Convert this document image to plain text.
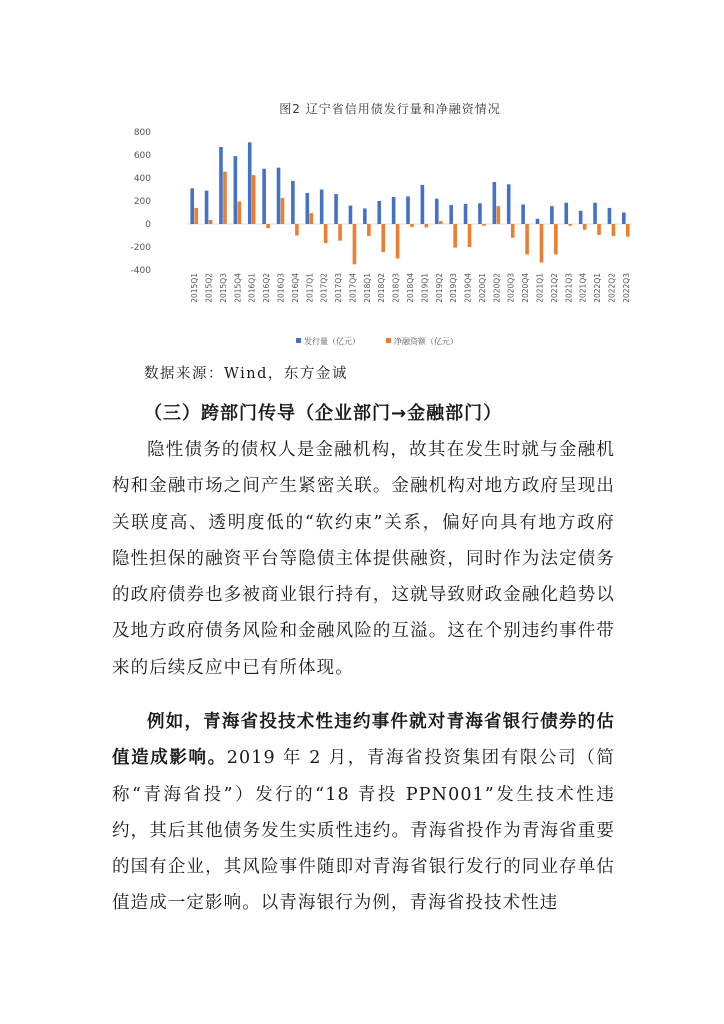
-400
-200
0
200
400
600
800
2015Q1 2015Q2 2015Q3 2015Q4 2016Q1 2016Q2 2016Q3 2016Q4 2017Q1 2017Q2 2017Q3 2017Q4 2018Q1 2018Q2 2018Q3 2018Q4 2019Q1 2019Q2 2019Q3 2019Q4 2020Q1 2020Q2 2020Q3 2020Q4 2021Q1 2021Q2 2021Q3 2021Q4 2022Q1 2022Q2 2022Q3
发行量（亿元）	净融资额（亿元）
图2 辽宁省信用债发行量和净融资情况
数据来源：Wind，东方金诚
（三）跨部门传导（企业部门→金融部门）

隐性债务的债权人是金融机构，故其在发生时就与金融机构和金融市场之间产生紧密关联。金融机构对地方政府呈现出关联度高、透明度低的“软约束”关系，偏好向具有地方政府隐性担保的融资平台等隐债主体提供融资，同时作为法定债务的政府债券也多被商业银行持有，这就导致财政金融化趋势以及地方政府债务风险和金融风险的互溢。这在个别违约事件带来的后续反应中已有所体现。

例如，青海省投技术性违约事件就对青海省银行债券的估值造成影响。2019 年 2 月，青海省投资集团有限公司（简称“青海省投”）发行的“18 青投 PPN001”发生技术性违约，其后其他债务发生实质性违约。青海省投作为青海省重要的国有企业，其风险事件随即对青海省银行发行的同业存单估值造成一定影响。以青海银行为例，青海省投技术性违
